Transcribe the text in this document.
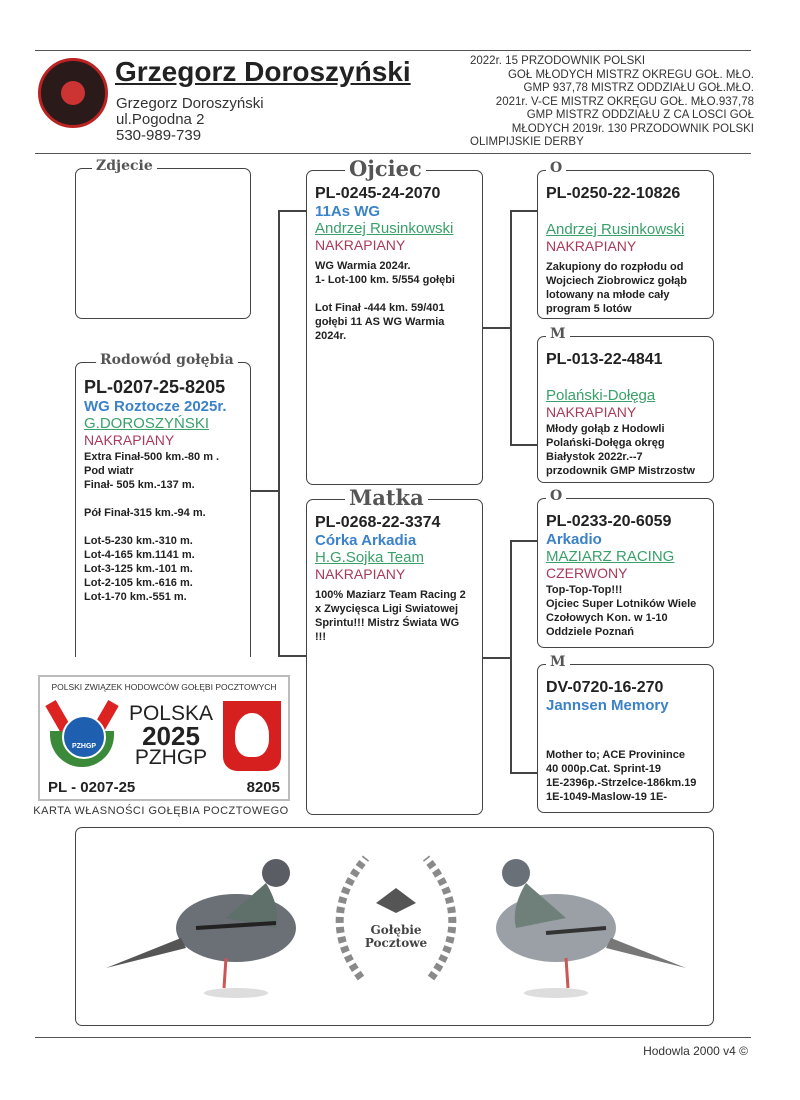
Grzegorz Doroszyński
Grzegorz Doroszyński
ul.Pogodna 2
530-989-739
2022r. 15 PRZODOWNIK POLSKI
GOŁ MŁODYCH MISTRZ OKREGU GOŁ. MŁO.
GMP 937,78 MISTRZ ODDZIAŁU GOŁ.MŁO.
2021r. V-CE MISTRZ OKRĘGU GOŁ. MŁO.937,78
GMP MISTRZ ODDZIAŁU Z CA LOSCI GOŁ
MŁODYCH 2019r. 130 PRZODOWNIK POLSKI
OLIMPIJSKIE DERBY
Zdjecie
Rodowód gołębia
PL-0207-25-8205
WG Roztocze 2025r.
G.DOROSZYŃSKI
NAKRAPIANY
Extra Finał-500 km.-80 m .
Pod wiatr
Finał- 505 km.-137 m.

Pół Finał-315 km.-94 m.

Lot-5-230 km.-310 m.
Lot-4-165 km.1141 m.
Lot-3-125 km.-101 m.
Lot-2-105 km.-616 m.
Lot-1-70 km.-551 m.
Ojciec
PL-0245-24-2070
11As WG
Andrzej Rusinkowski
NAKRAPIANY
WG Warmia 2024r.
1- Lot-100 km. 5/554 gołębi

Lot Finał -444 km. 59/401
gołębi 11 AS WG Warmia
2024r.
Matka
PL-0268-22-3374
Córka Arkadia
H.G.Sojka Team
NAKRAPIANY
100% Maziarz Team Racing 2
x Zwycięsca Ligi Swiatowej
Sprintu!!! Mistrz Świata WG
!!!
O
PL-0250-22-10826
Andrzej Rusinkowski
NAKRAPIANY
Zakupiony do rozpłodu od
Wojciech Ziobrowicz gołąb
lotowany na młode cały
program 5 lotów
M
PL-013-22-4841
Polański-Dołęga
NAKRAPIANY
Młody gołąb z Hodowli
Polański-Dołęga okręg
Białystok 2022r.--7
przodownik GMP Mistrzostw
O
PL-0233-20-6059
Arkadio
MAZIARZ RACING
CZERWONY
Top-Top-Top!!!
Ojciec Super Lotników Wiele
Czołowych Kon. w 1-10
Oddziele Poznań
M
DV-0720-16-270
Jannsen Memory
Mother to; ACE Provinince
40 000p.Cat. Sprint-19
1E-2396p.-Strzelce-186km.19
1E-1049-Maslow-19 1E-
POLSKI ZWIĄZEK HODOWCÓW GOŁĘBI POCZTOWYCH
PZHGP
POLSKA
2025
PZHGP
PL - 0207-25	8205
KARTA WŁASNOŚCI GOŁĘBIA POCZTOWEGO
Gołębie
Pocztowe
Hodowla 2000 v4 ©
